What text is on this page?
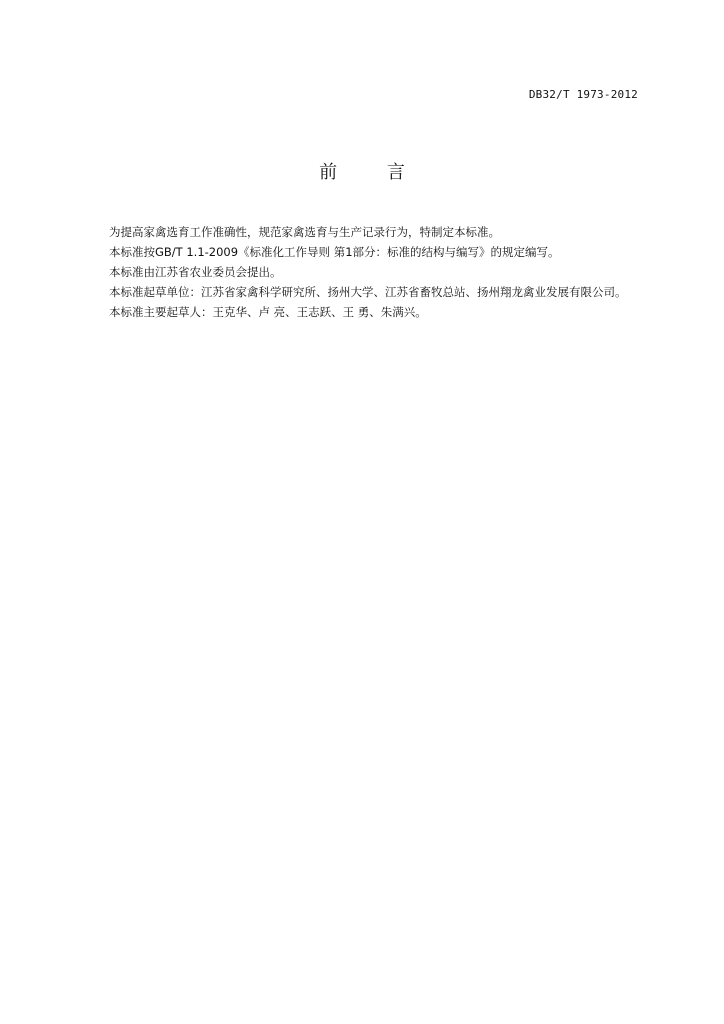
DB32/T 1973-2012
前 言

为提高家禽选育工作准确性，规范家禽选育与生产记录行为，特制定本标准。

本标准按GB/T 1.1-2009《标准化工作导则 第1部分：标准的结构与编写》的规定编写。

本标准由江苏省农业委员会提出。

本标准起草单位：江苏省家禽科学研究所、扬州大学、江苏省畜牧总站、扬州翔龙禽业发展有限公司。

本标准主要起草人：王克华、卢 亮、王志跃、王 勇、朱满兴。
